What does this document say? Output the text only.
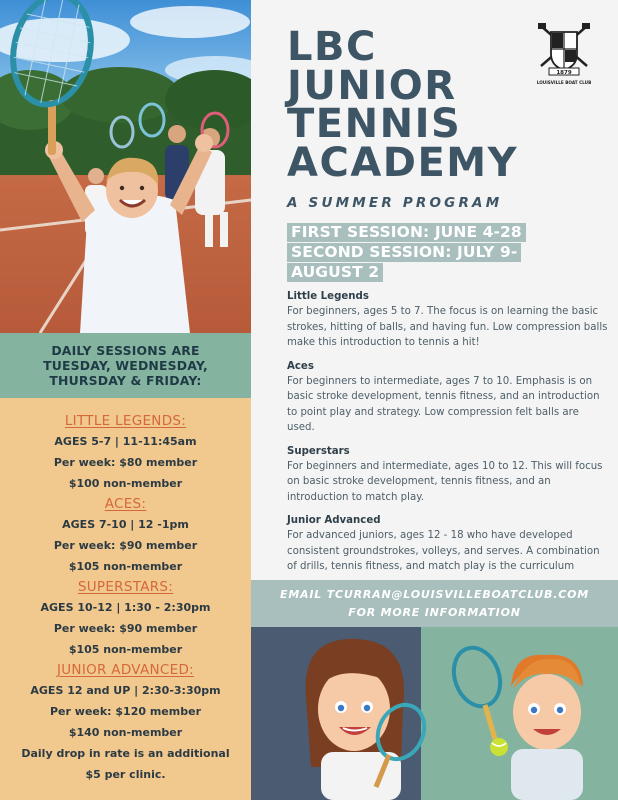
DAILY SESSIONS ARE
TUESDAY, WEDNESDAY,
THURSDAY & FRIDAY:
LITTLE LEGENDS:
AGES 5-7 | 11-11:45am
Per week: $80 member
$100 non-member
ACES:
AGES 7-10 | 12 -1pm
Per week: $90 member
$105 non-member
SUPERSTARS:
AGES 10-12 | 1:30 - 2:30pm
Per week: $90 member
$105 non-member
JUNIOR ADVANCED:
AGES 12 and UP | 2:30-3:30pm
Per week: $120 member
$140 non-member
Daily drop in rate is an additional
$5 per clinic.
LBC
JUNIOR
TENNIS
ACADEMY
1879
LOUISVILLE BOAT CLUB
A SUMMER PROGRAM
FIRST SESSION: JUNE 4-28
SECOND SESSION: JULY 9-
AUGUST 2
Little Legends
For beginners, ages 5 to 7. The focus is on learning the basic strokes, hitting of balls, and having fun. Low compression balls make this introduction to tennis a hit!
Aces
For beginners to intermediate, ages 7 to 10. Emphasis is on basic stroke development, tennis fitness, and an introduction to point play and strategy. Low compression felt balls are used.
Superstars
For beginners and intermediate, ages 10 to 12. This will focus on basic stroke development, tennis fitness, and an introduction to match play.
Junior Advanced
For advanced juniors, ages 12 - 18 who have developed consistent groundstrokes, volleys, and serves. A combination of drills, tennis fitness, and match play is the curriculum
EMAIL TCURRAN@LOUISVILLEBOATCLUB.COM
FOR MORE INFORMATION
